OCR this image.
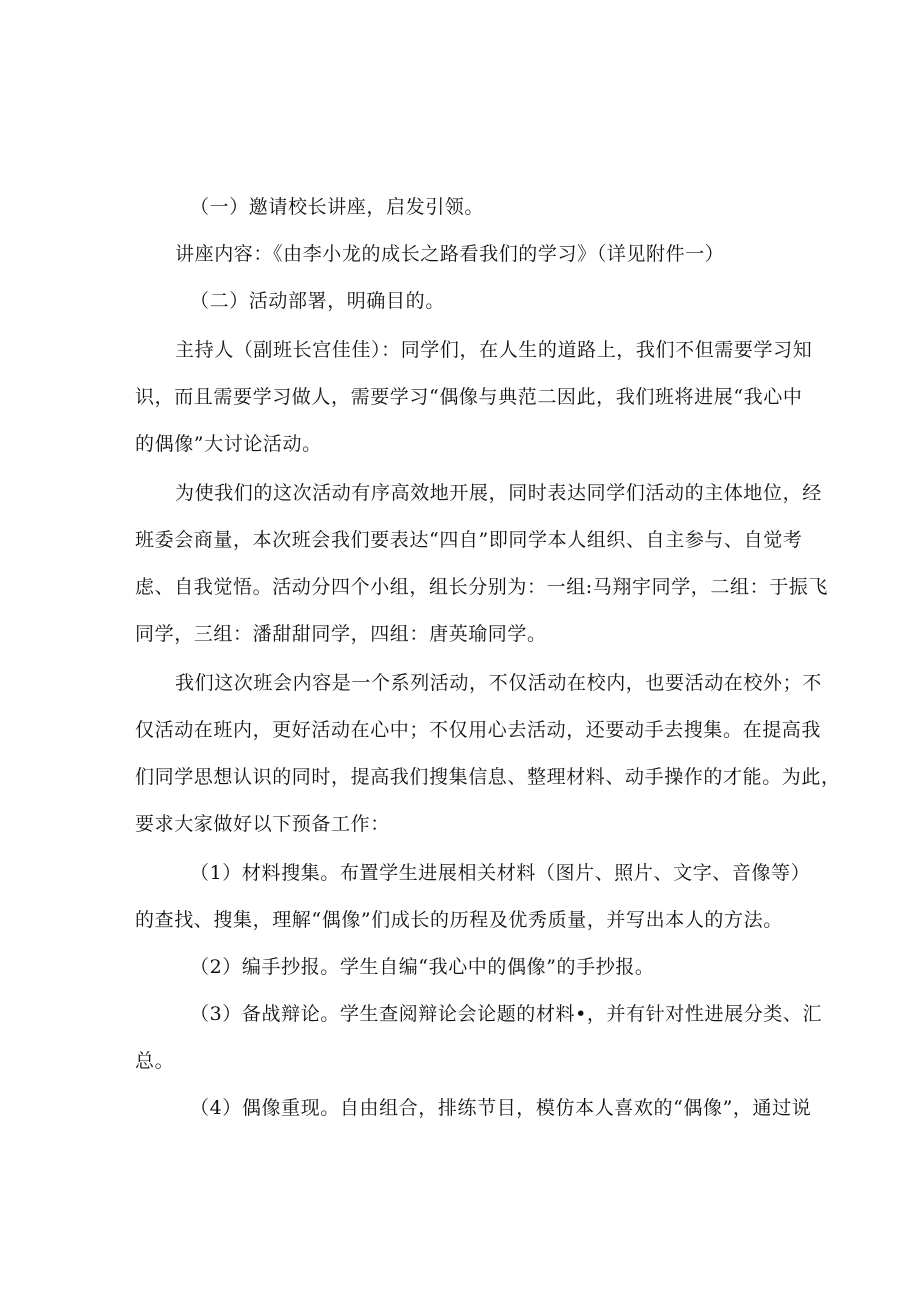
（一）邀请校长讲座，启发引领。
讲座内容：《由李小龙的成长之路看我们的学习》（详见附件一）
（二）活动部署，明确目的。
主持人（副班长宫佳佳）：同学们，在人生的道路上，我们不但需要学习知
识，而且需要学习做人，需要学习“偶像与典范二因此，我们班将进展“我心中
的偶像”大讨论活动。
为使我们的这次活动有序高效地开展，同时表达同学们活动的主体地位，经
班委会商量，本次班会我们要表达“四自”即同学本人组织、自主参与、自觉考
虑、自我觉悟。活动分四个小组，组长分别为：一组:马翔宇同学，二组：于振飞
同学，三组：潘甜甜同学，四组：唐英瑜同学。
我们这次班会内容是一个系列活动，不仅活动在校内，也要活动在校外；不
仅活动在班内，更好活动在心中；不仅用心去活动，还要动手去搜集。在提高我
们同学思想认识的同时，提高我们搜集信息、整理材料、动手操作的才能。为此，
要求大家做好以下预备工作：
（1）材料搜集。布置学生进展相关材料（图片、照片、文字、音像等）
的查找、搜集，理解“偶像”们成长的历程及优秀质量，并写出本人的方法。
（2）编手抄报。学生自编“我心中的偶像”的手抄报。
（3）备战辩论。学生查阅辩论会论题的材料•，并有针对性进展分类、汇
总。
（4）偶像重现。自由组合，排练节目，模仿本人喜欢的“偶像”，通过说
